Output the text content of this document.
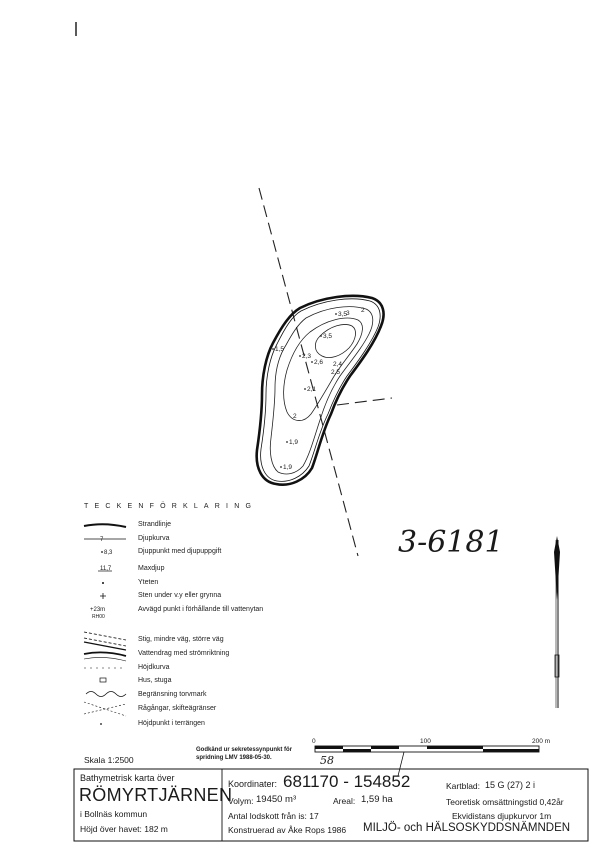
7
8,3
11,7
+23m
RH00
3,5
3,5
1,5
2,3
2,6 2,4
2,5
2,1
2
1,9
1,9
2
3
3-6181
TECKENFÖRKLARING
Strandlinje
Djupkurva
Djuppunkt med djupuppgift
Maxdjup
Yteten
Sten under v.y eller grynna
Avvägd punkt i förhållande till vattenytan
Stig, mindre väg, större väg
Vattendrag med strömriktning
Höjdkurva
Hus, stuga
Begränsning torvmark
Rågångar, skifteägränser
Höjdpunkt i terrängen
Skala 1:2500
Godkänd ur sekretessynpunkt för
spridning LMV 1988-05-30.
0	100	200 m
Bathymetrisk karta över
RÖMYRTJÄRNEN
i Bollnäs kommun
Höjd över havet: 182 m
Koordinater: 681170 - 154852
58
Volym: 19450 m³	Areal: 1,59 ha
Antal lodskott från is: 17
Konstruerad av Åke Rops 1986
Kartblad: 15 G (27) 2 i
Teoretisk omsättningstid 0,42år
Ekvidistans djupkurvor 1m
MILJÖ- och HÄLSOSKYDDSNÄMNDEN
